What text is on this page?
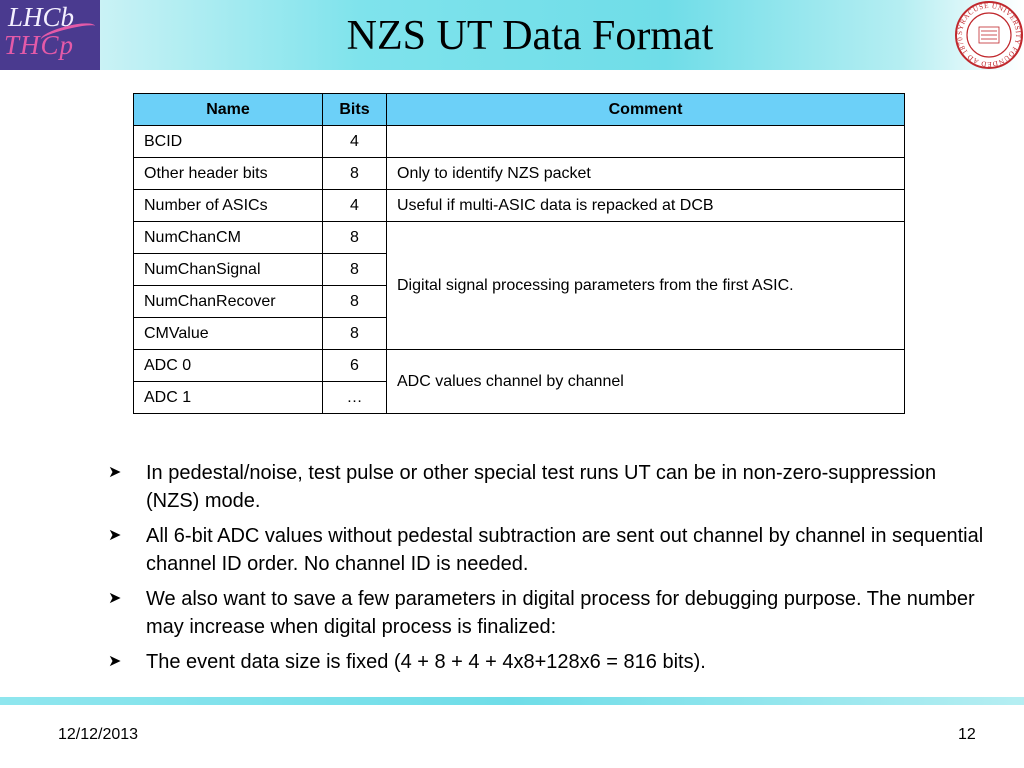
LHCb
THCp	NZS UT Data Format	SYRACUSE UNIVERSITY FOUNDED AD 1870
Name	Bits	Comment
BCID	4	
Other header bits	8	Only to identify NZS packet
Number of ASICs	4	Useful if multi-ASIC data is repacked at DCB
NumChanCM	8	Digital signal processing parameters from the first ASIC.
NumChanSignal	8	
NumChanRecover	8	
CMValue	8	
ADC 0	6	ADC values channel by channel
ADC 1	…	
➤ In pedestal/noise, test pulse or other special test runs UT can be in non-zero-suppression (NZS) mode.
➤ All 6-bit ADC values without pedestal subtraction are sent out channel by channel in sequential channel ID order. No channel ID is needed.
➤ We also want to save a few parameters in digital process for debugging purpose. The number may increase when digital process is finalized:
➤ The event data size is fixed (4 + 8 + 4 + 4x8+128x6 = 816 bits).
12/12/2013	12
